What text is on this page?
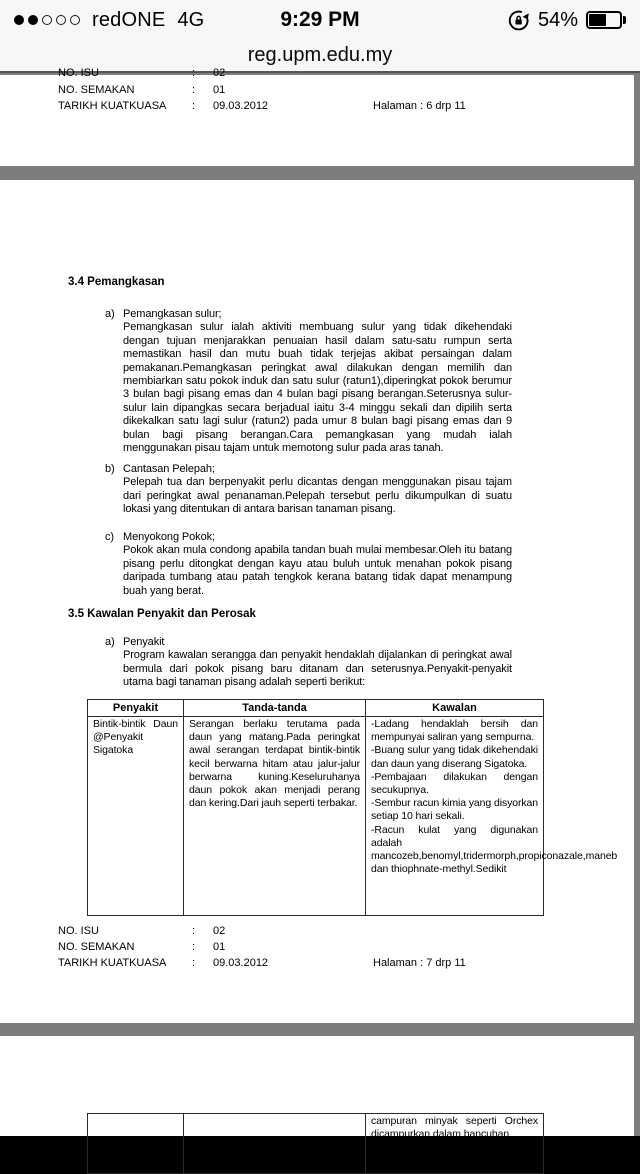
redONE 4G	9:29 PM	54%
reg.upm.edu.my
NO. ISU	: 02
NO. SEMAKAN	: 01
TARIKH KUATKUASA : 09.03.2012	Halaman : 6 drp 11
3.4 Pemangkasan
a) Pemangkasan sulur;
Pemangkasan sulur ialah aktiviti membuang sulur yang tidak dikehendaki dengan tujuan menjarakkan penuaian hasil dalam satu-satu rumpun serta memastikan hasil dan mutu buah tidak terjejas akibat persaingan dalam pemakanan.Pemangkasan peringkat awal dilakukan dengan memilih dan membiarkan satu pokok induk dan satu sulur (ratun1),diperingkat pokok berumur 3 bulan bagi pisang emas dan 4 bulan bagi pisang berangan.Seterusnya sulur-sulur lain dipangkas secara berjadual iaitu 3-4 minggu sekali dan dipilih serta dikekalkan satu lagi sulur (ratun2) pada umur 8 bulan bagi pisang emas dan 9 bulan bagi pisang berangan.Cara pemangkasan yang mudah ialah menggunakan pisau tajam untuk memotong sulur pada aras tanah.
b) Cantasan Pelepah;
Pelepah tua dan berpenyakit perlu dicantas dengan menggunakan pisau tajam dari peringkat awal penanaman.Pelepah tersebut perlu dikumpulkan di suatu lokasi yang ditentukan di antara barisan tanaman pisang.
c) Menyokong Pokok;
Pokok akan mula condong apabila tandan buah mulai membesar.Oleh itu batang pisang perlu ditongkat dengan kayu atau buluh untuk menahan pokok pisang daripada tumbang atau patah tengkok kerana batang tidak dapat menampung buah yang berat.
3.5 Kawalan Penyakit dan Perosak
a) Penyakit
Program kawalan serangga dan penyakit hendaklah dijalankan di peringkat awal bermula dari pokok pisang baru ditanam dan seterusnya.Penyakit-penyakit utama bagi tanaman pisang adalah seperti berikut:
Penyakit	Tanda-tanda	Kawalan
Bintik-bintik Daun @Penyakit Sigatoka	Serangan berlaku terutama pada daun yang matang.Pada peringkat awal serangan terdapat bintik-bintik kecil berwarna hitam atau jalur-jalur berwarna kuning.Keseluruhanya daun pokok akan menjadi perang dan kering.Dari jauh seperti terbakar.	
-Ladang hendaklah bersih dan mempunyai saliran yang sempurna.
-Buang sulur yang tidak dikehendaki dan daun yang diserang Sigatoka.
-Pembajaan dilakukan dengan secukupnya.
-Sembur racun kimia yang disyorkan setiap 10 hari sekali.
-Racun kulat yang digunakan adalah mancozeb,benomyl,tridermorph,propiconazale,maneb dan thiophnate-methyl.Sedikit
NO. ISU	: 02
NO. SEMAKAN	: 01
TARIKH KUATKUASA : 09.03.2012	Halaman : 7 drp 11
		campuran minyak seperti Orchex dicampurkan dalam bancuhan
